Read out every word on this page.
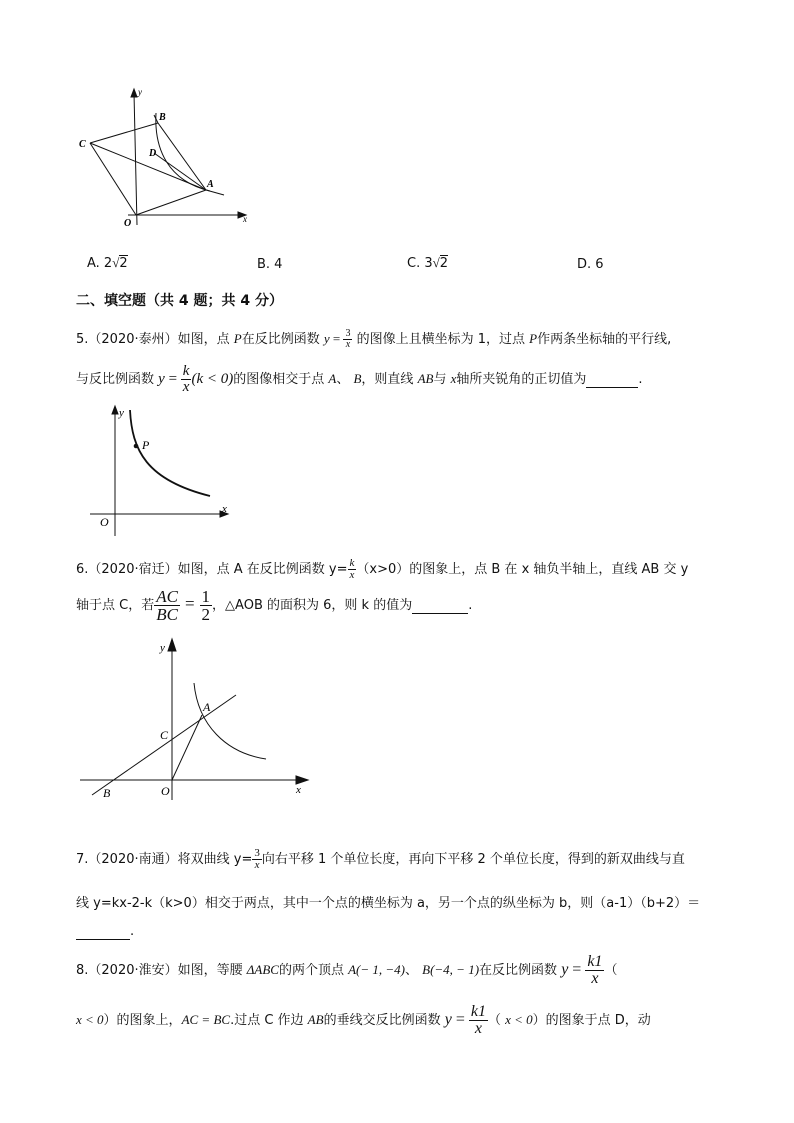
y
B
C
D
A
O	x
A. 2√2	B. 4	C. 3√2	D. 6
二、填空题（共 4 题；共 4 分）
5.（2020·泰州）如图，点 P在反比例函数 $y = \frac{3}{x}$ 的图像上且横坐标为 1，过点 P作两条坐标轴的平行线,
与反比例函数 $y = \frac{k}{x} (k < 0)$的图像相交于点 A、 B，则直线 AB与 x轴所夹锐角的正切值为	.
y
P
O
x
6.（2020·宿迁）如图，点 A 在反比例函数 $y= \frac{k}{x} (x>0)$的图象上，点 B 在 x 轴负半轴上，直线 AB 交 y
轴于点 C，若 $\frac{AC}{BC} = \frac{1}{2}$ ，△AOB 的面积为 6，则 k 的值为	.
y
A
C
B	O	x
7.（2020·南通）将双曲线 $y= \frac{3}{x}$ 向右平移 1 个单位长度，再向下平移 2 个单位长度，得到的新双曲线与直
线 y=kx-2-k（k>0）相交于两点，其中一个点的横坐标为 a，另一个点的纵坐标为 b，则（a-1）（b+2）＝
.
8.（2020·淮安）如图，等腰 ΔABC的两个顶点 A(− 1, −4)、 B(−4, − 1)在反比例函数 $y = \frac{k1}{x}$ （
x < 0）的图象上，AC = BC.过点 C 作边 AB的垂线交反比例函数 $y = \frac{k1}{x}$ （ x < 0）的图象于点 D，动
